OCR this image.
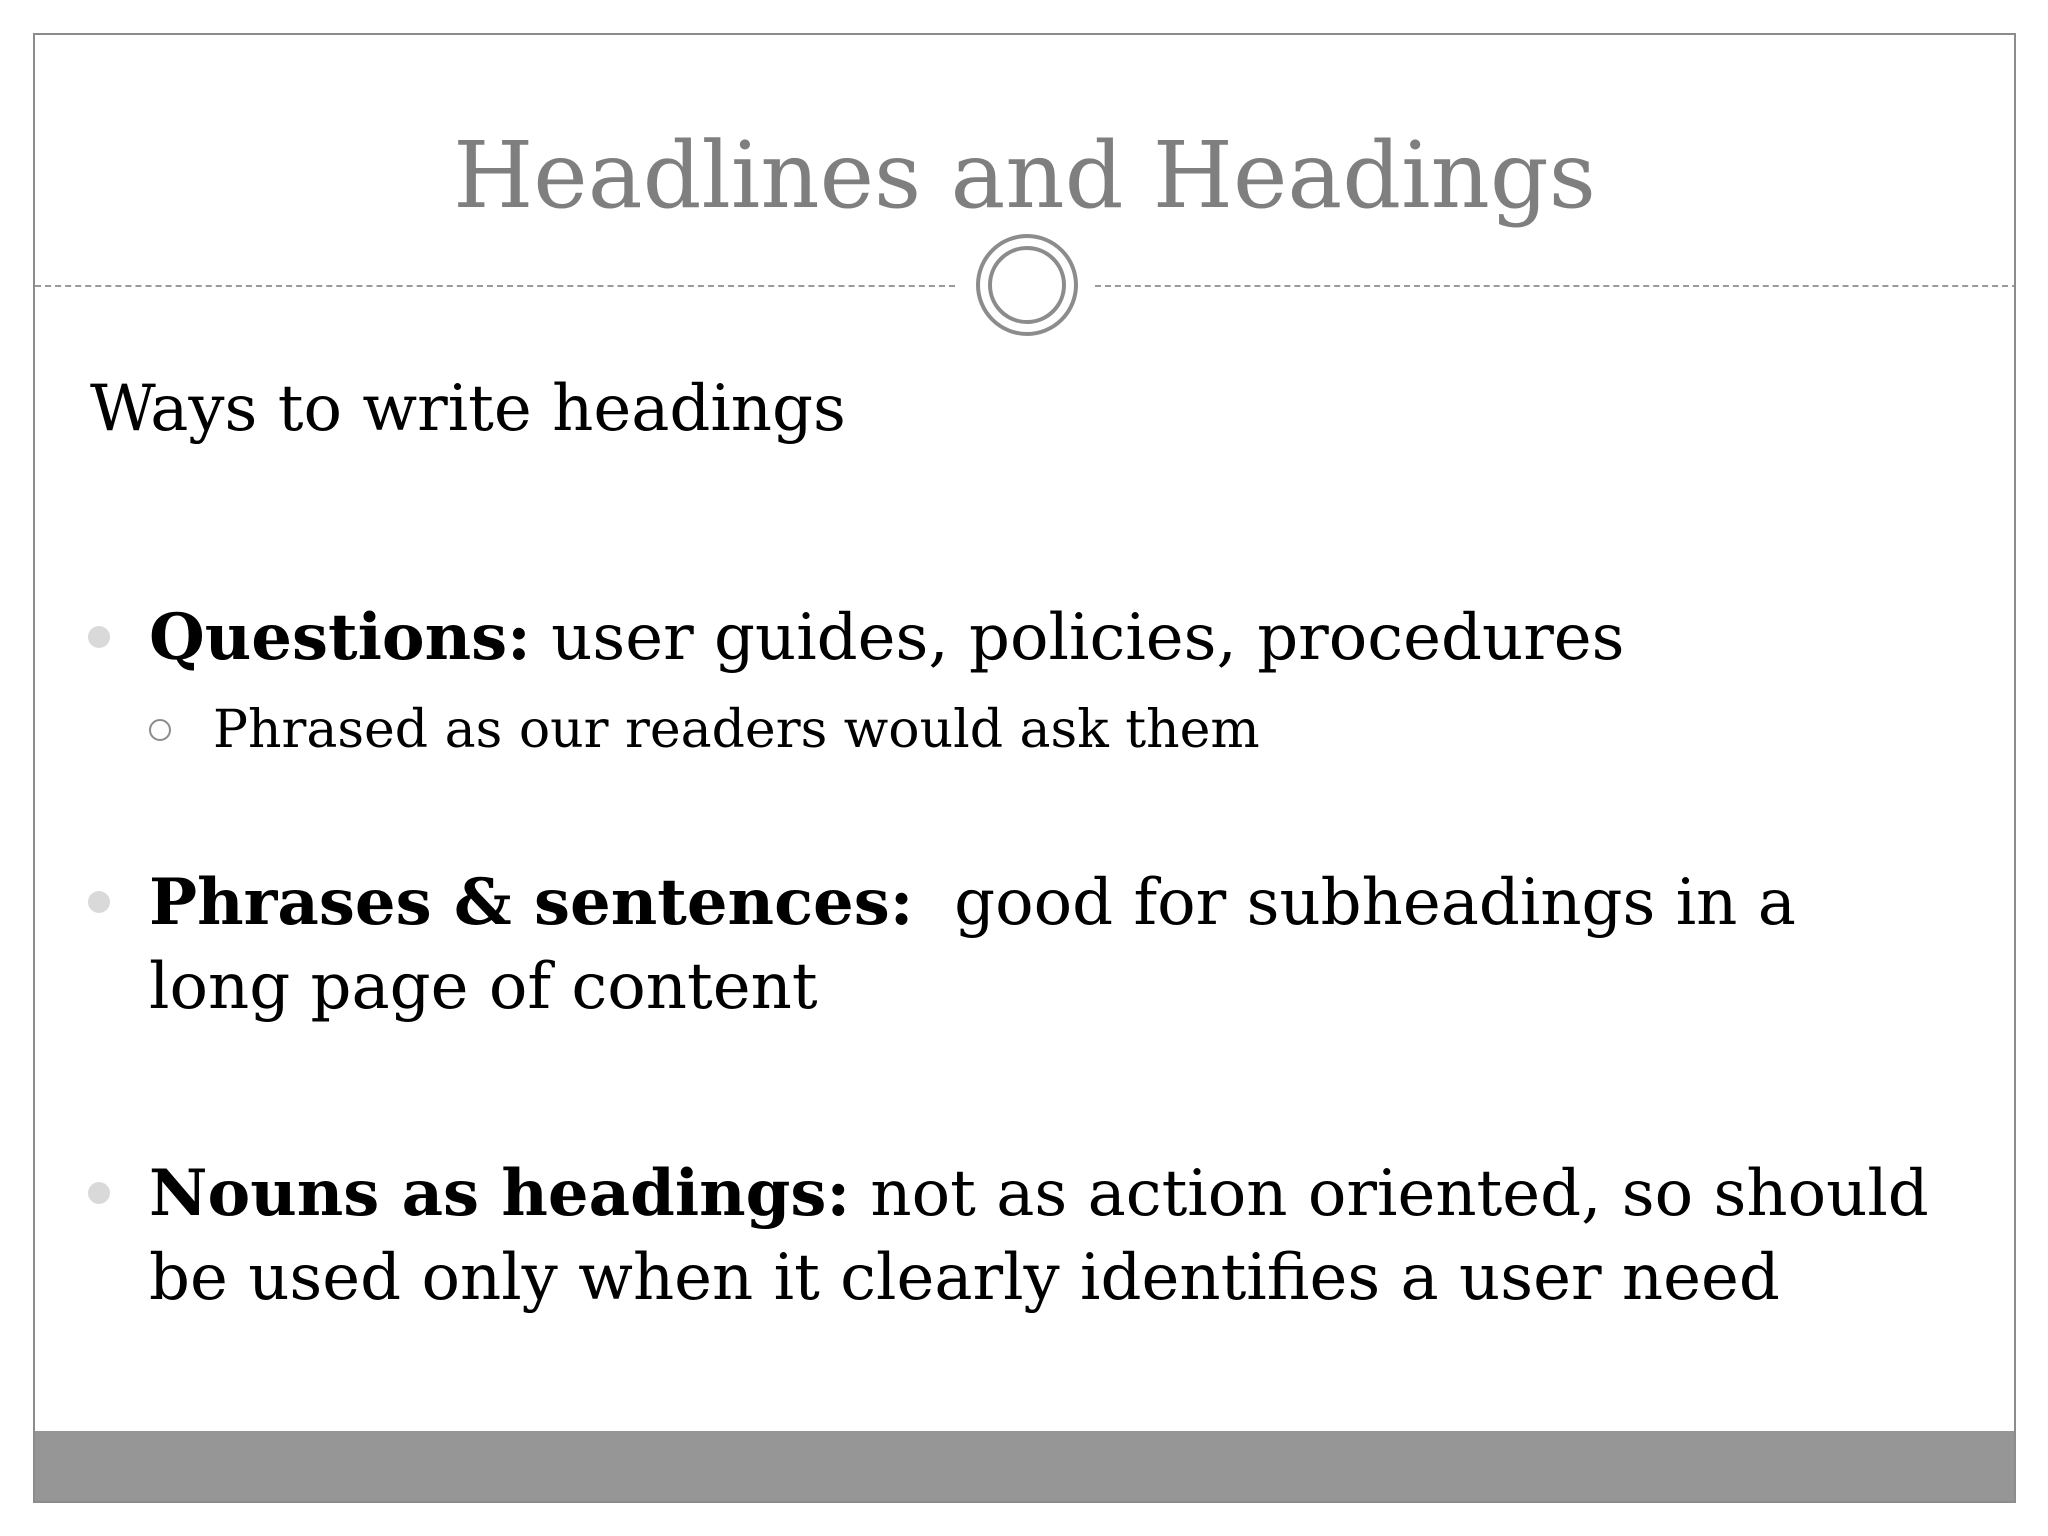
Headlines and Headings
Ways to write headings
Questions: user guides, policies, procedures
Phrased as our readers would ask them
Phrases & sentences:  good for subheadings in a long page of content
Nouns as headings: not as action oriented, so should be used only when it clearly identifies a user need
